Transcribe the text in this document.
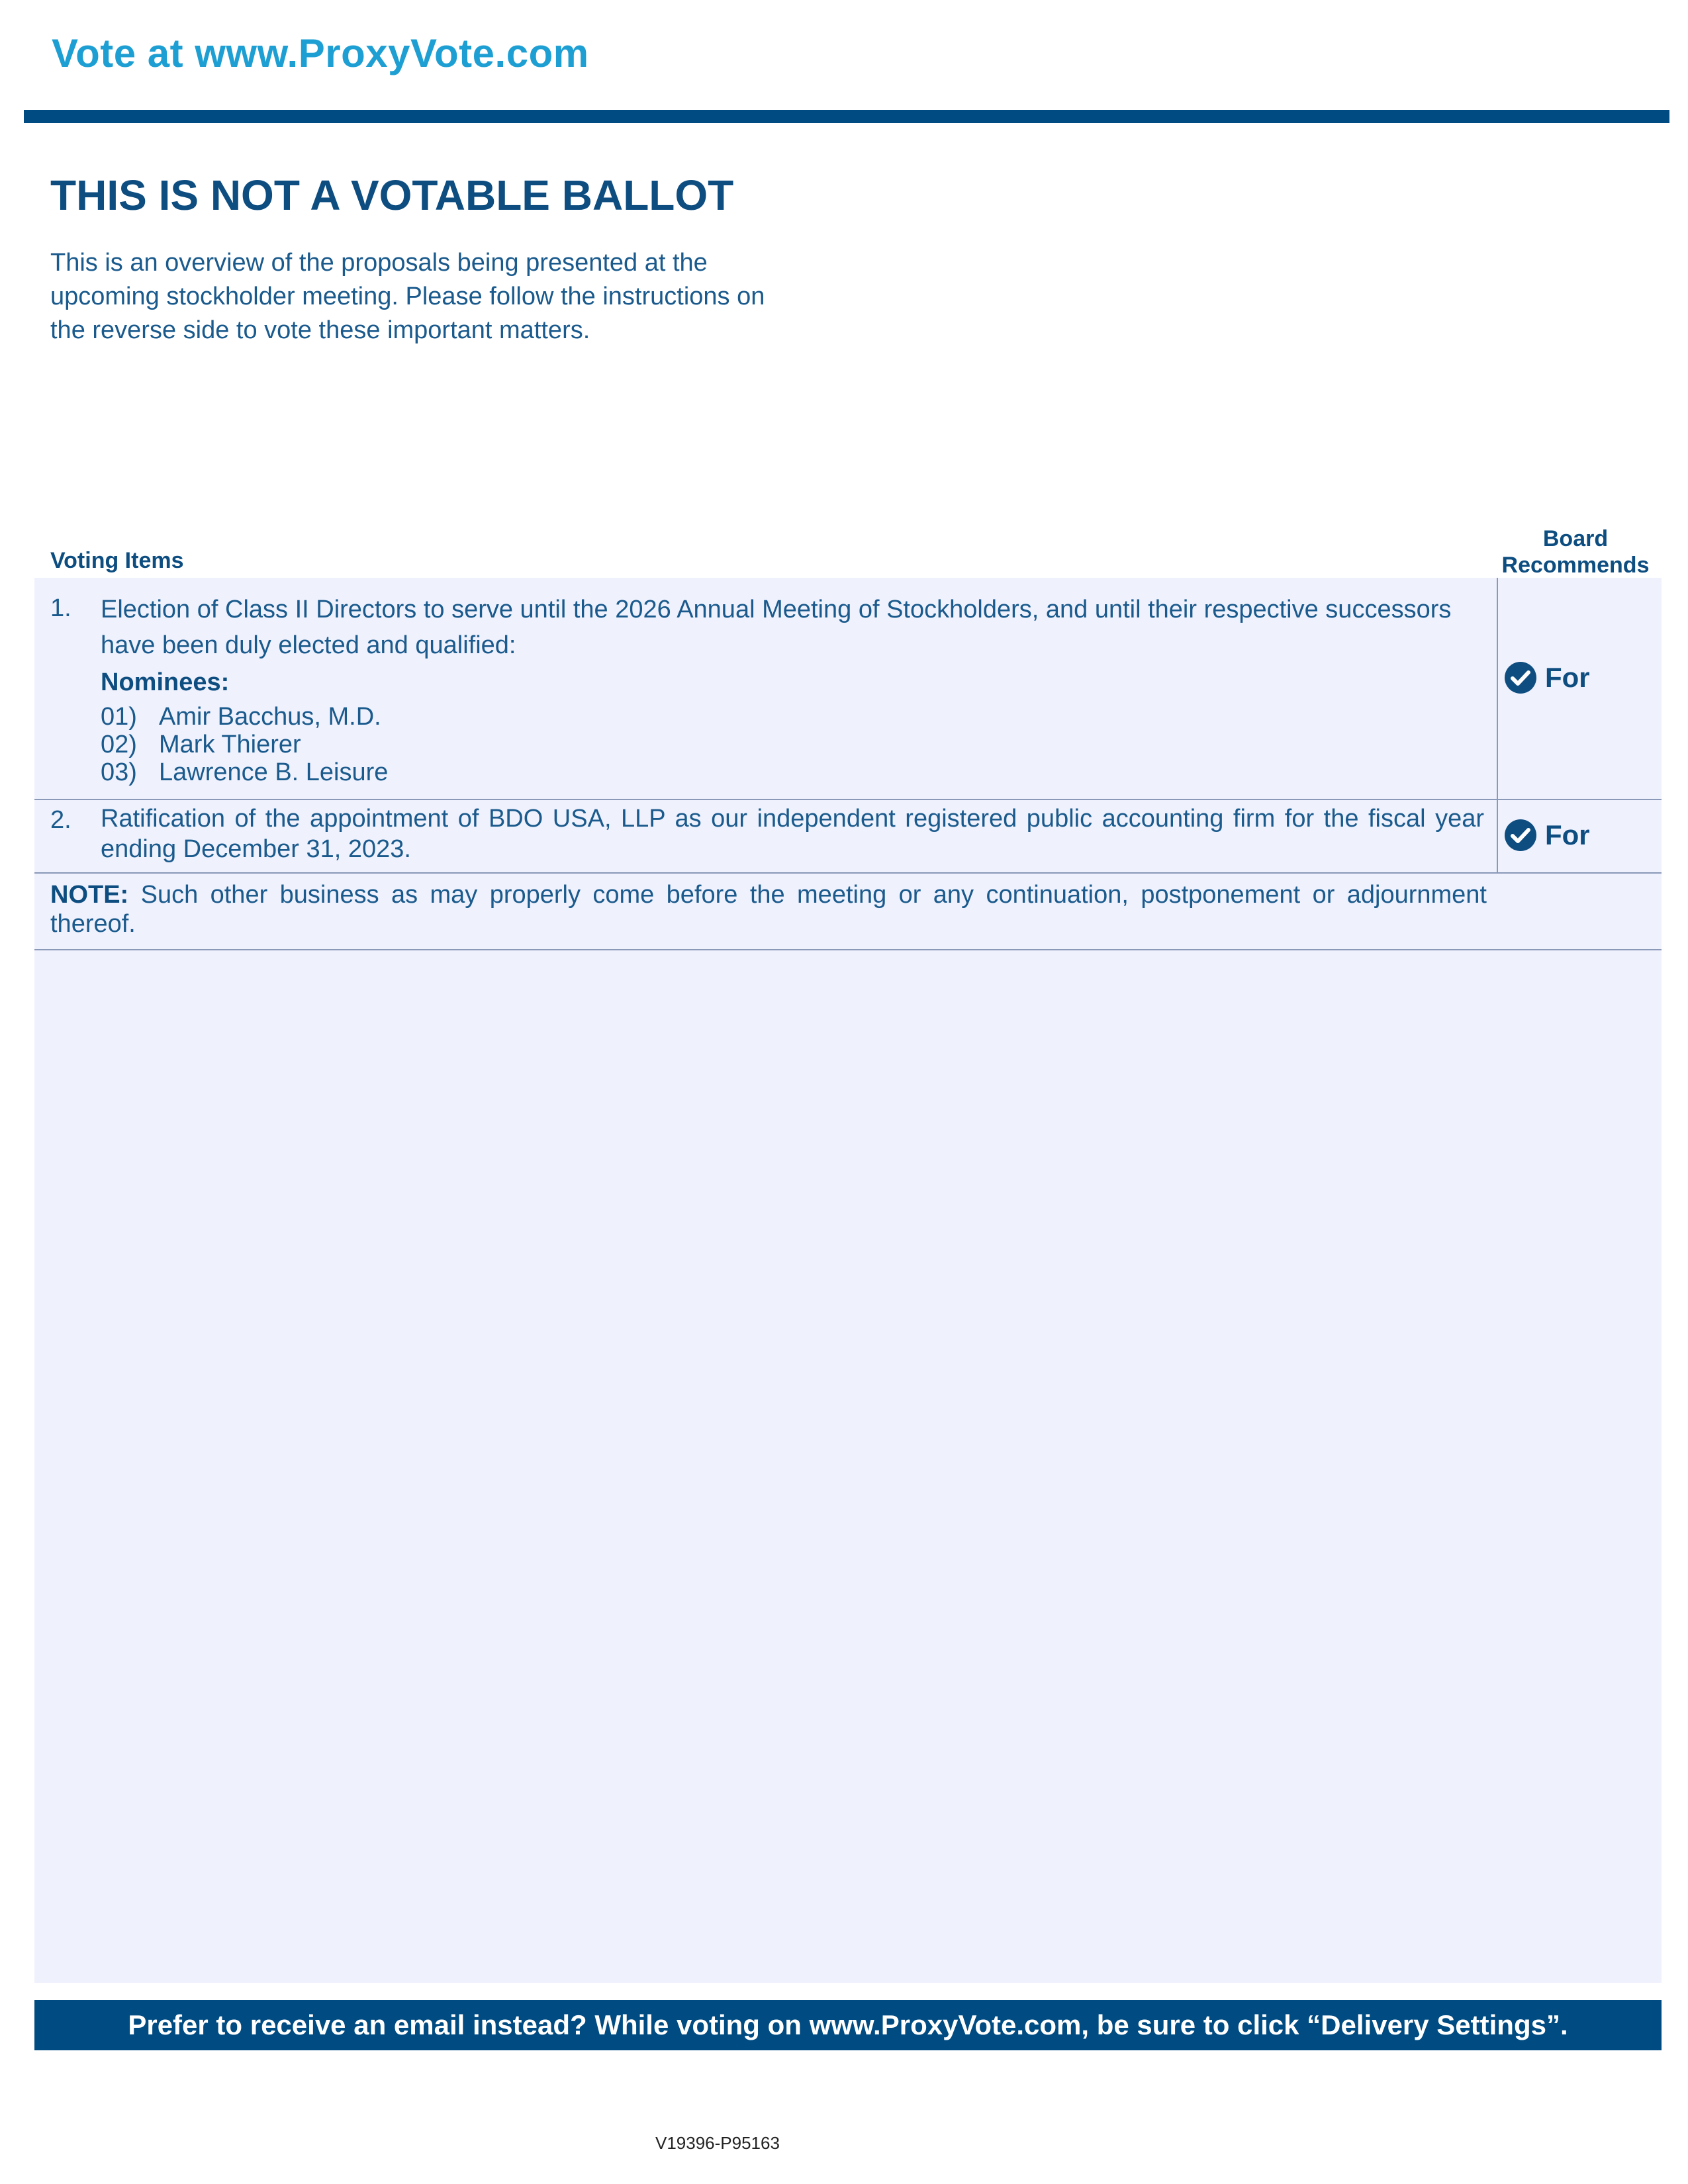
Vote at www.ProxyVote.com
THIS IS NOT A VOTABLE BALLOT
This is an overview of the proposals being presented at the
upcoming stockholder meeting. Please follow the instructions on
the reverse side to vote these important matters.
Voting Items
Board
Recommends
1. Election of Class II Directors to serve until the 2026 Annual Meeting of Stockholders, and until their respective successors have been duly elected and qualified:
Nominees:
01) Amir Bacchus, M.D.
02) Mark Thierer
03) Lawrence B. Leisure
For
2. Ratification of the appointment of BDO USA, LLP as our independent registered public accounting firm for the fiscal year ending December 31, 2023.	For
NOTE: Such other business as may properly come before the meeting or any continuation, postponement or adjournment thereof.
Prefer to receive an email instead? While voting on www.ProxyVote.com, be sure to click “Delivery Settings”.
V19396-P95163
